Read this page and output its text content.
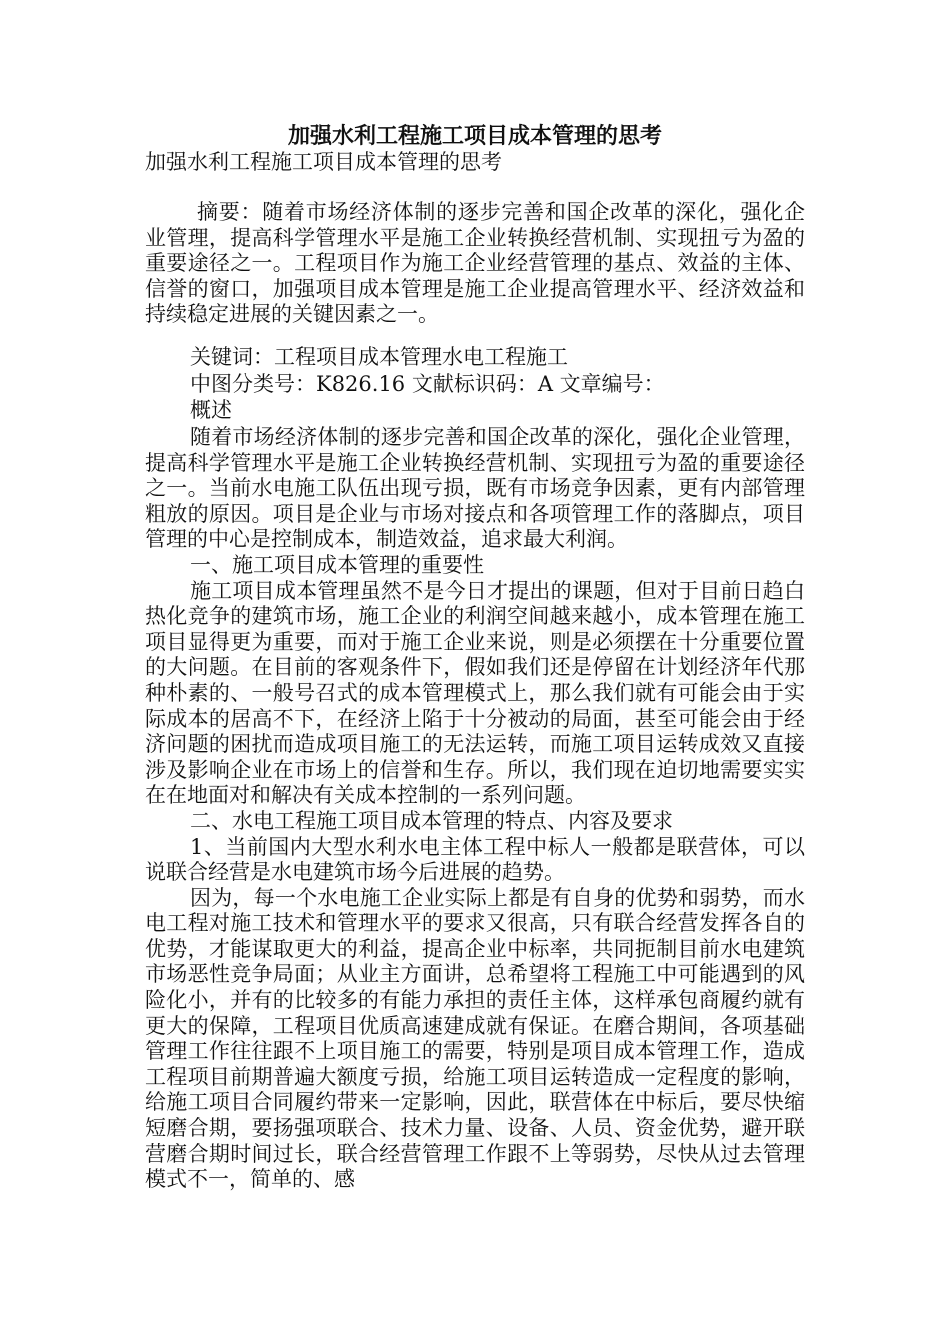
加强水利工程施工项目成本管理的思考
加强水利工程施工项目成本管理的思考
摘要：随着市场经济体制的逐步完善和国企改革的深化，强化企业管理，提高科学管理水平是施工企业转换经营机制、实现扭亏为盈的重要途径之一。工程项目作为施工企业经营管理的基点、效益的主体、信誉的窗口，加强项目成本管理是施工企业提高管理水平、经济效益和持续稳定进展的关键因素之一。
关键词：工程项目成本管理水电工程施工
中图分类号：K826.16 文献标识码：A 文章编号：
概述

随着市场经济体制的逐步完善和国企改革的深化，强化企业管理，提高科学管理水平是施工企业转换经营机制、实现扭亏为盈的重要途径之一。当前水电施工队伍出现亏损，既有市场竞争因素，更有内部管理粗放的原因。项目是企业与市场对接点和各项管理工作的落脚点，项目管理的中心是控制成本，制造效益，追求最大利润。

一、施工项目成本管理的重要性

施工项目成本管理虽然不是今日才提出的课题，但对于目前日趋白热化竞争的建筑市场，施工企业的利润空间越来越小，成本管理在施工项目显得更为重要，而对于施工企业来说，则是必须摆在十分重要位置的大问题。在目前的客观条件下，假如我们还是停留在计划经济年代那种朴素的、一般号召式的成本管理模式上，那么我们就有可能会由于实际成本的居高不下，在经济上陷于十分被动的局面，甚至可能会由于经济问题的困扰而造成项目施工的无法运转，而施工项目运转成效又直接涉及影响企业在市场上的信誉和生存。所以，我们现在迫切地需要实实在在地面对和解决有关成本控制的一系列问题。

二、水电工程施工项目成本管理的特点、内容及要求

1、当前国内大型水利水电主体工程中标人一般都是联营体，可以说联合经营是水电建筑市场今后进展的趋势。

因为，每一个水电施工企业实际上都是有自身的优势和弱势，而水电工程对施工技术和管理水平的要求又很高，只有联合经营发挥各自的优势，才能谋取更大的利益，提高企业中标率，共同扼制目前水电建筑市场恶性竞争局面；从业主方面讲，总希望将工程施工中可能遇到的风险化小，并有的比较多的有能力承担的责任主体，这样承包商履约就有更大的保障，工程项目优质高速建成就有保证。在磨合期间，各项基础管理工作往往跟不上项目施工的需要，特别是项目成本管理工作，造成工程项目前期普遍大额度亏损，给施工项目运转造成一定程度的影响，给施工项目合同履约带来一定影响，因此，联营体在中标后，要尽快缩短磨合期，要扬强项联合、技术力量、设备、人员、资金优势，避开联营磨合期时间过长，联合经营管理工作跟不上等弱势，尽快从过去管理模式不一，简单的、感
